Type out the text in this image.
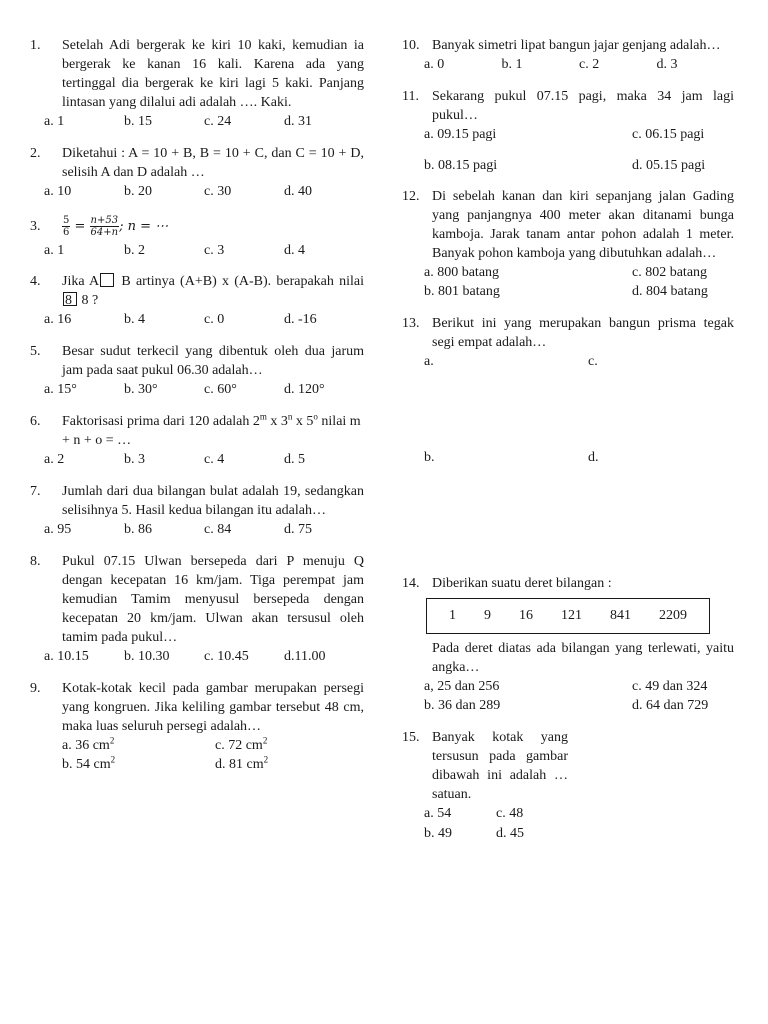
1.	Setelah Adi bergerak ke kiri 10 kaki, kemudian ia bergerak ke kanan 16 kali. Karena ada yang tertinggal dia bergerak ke kiri lagi 5 kaki. Panjang lintasan yang dilalui adi adalah …. Kaki.
a. 1	b. 15	c. 24	d. 31
2.	Diketahui : A = 10 + B, B = 10 + C, dan C = 10 + D, selisih A dan D adalah …
a. 10	b. 20	c. 30	d. 40
3.	$\frac{5}{6} = \frac{n+53}{64+n}$ ; n = ⋯
a. 1	b. 2	c. 3	d. 4
4.	Jika A B artinya (A+B) x (A-B). berapakah nilai 8 8 ?
a. 16	b. 4	c. 0	d. -16
5.	Besar sudut terkecil yang dibentuk oleh dua jarum jam pada saat pukul 06.30 adalah…
a. 15°	b. 30°	c. 60°	d. 120°
6.	Faktorisasi prima dari 120 adalah 2$^m$ x 3$^n$ x 5$^o$ nilai m + n + o = …
a. 2	b. 3	c. 4	d. 5
7.	Jumlah dari dua bilangan bulat adalah 19, sedangkan selisihnya 5. Hasil kedua bilangan itu adalah…
a. 95	b. 86	c. 84	d. 75
8.	Pukul 07.15 Ulwan bersepeda dari P menuju Q dengan kecepatan 16 km/jam. Tiga perempat jam kemudian Tamim menyusul bersepeda dengan kecepatan 20 km/jam. Ulwan akan tersusul oleh tamim pada pukul…
a. 10.15	b. 10.30	c. 10.45	d.11.00
9.	Kotak-kotak kecil pada gambar merupakan persegi yang kongruen. Jika keliling gambar tersebut 48 cm, maka luas seluruh persegi adalah…
a. 36 $cm^2$	c. 72 $cm^2$
b. 54 $cm^2$	d. 81 $cm^2$
10. Banyak simetri lipat bangun jajar genjang adalah…
a. 0	b. 1	c. 2	d. 3
11. Sekarang pukul 07.15 pagi, maka 34 jam lagi pukul…
a. 09.15 pagi	c. 06.15 pagi
b. 08.15 pagi	d. 05.15 pagi
12. Di sebelah kanan dan kiri sepanjang jalan Gading yang panjangnya 400 meter akan ditanami bunga kamboja. Jarak tanam antar pohon adalah 1 meter. Banyak pohon kamboja yang dibutuhkan adalah…
a. 800 batang	c. 802 batang
b. 801 batang	d. 804 batang
13. Berikut ini yang merupakan bangun prisma tegak segi empat adalah…
a.	c.
b.	d.
14. Diberikan suatu deret bilangan :
1 9 16 121 841 2209
Pada deret diatas ada bilangan yang terlewati, yaitu angka…
a, 25 dan 256	c. 49 dan 324
b. 36 dan 289	d. 64 dan 729
15. Banyak kotak yang tersusun pada gambar dibawah ini adalah … satuan.
a. 54	c. 48
b. 49	d. 45
